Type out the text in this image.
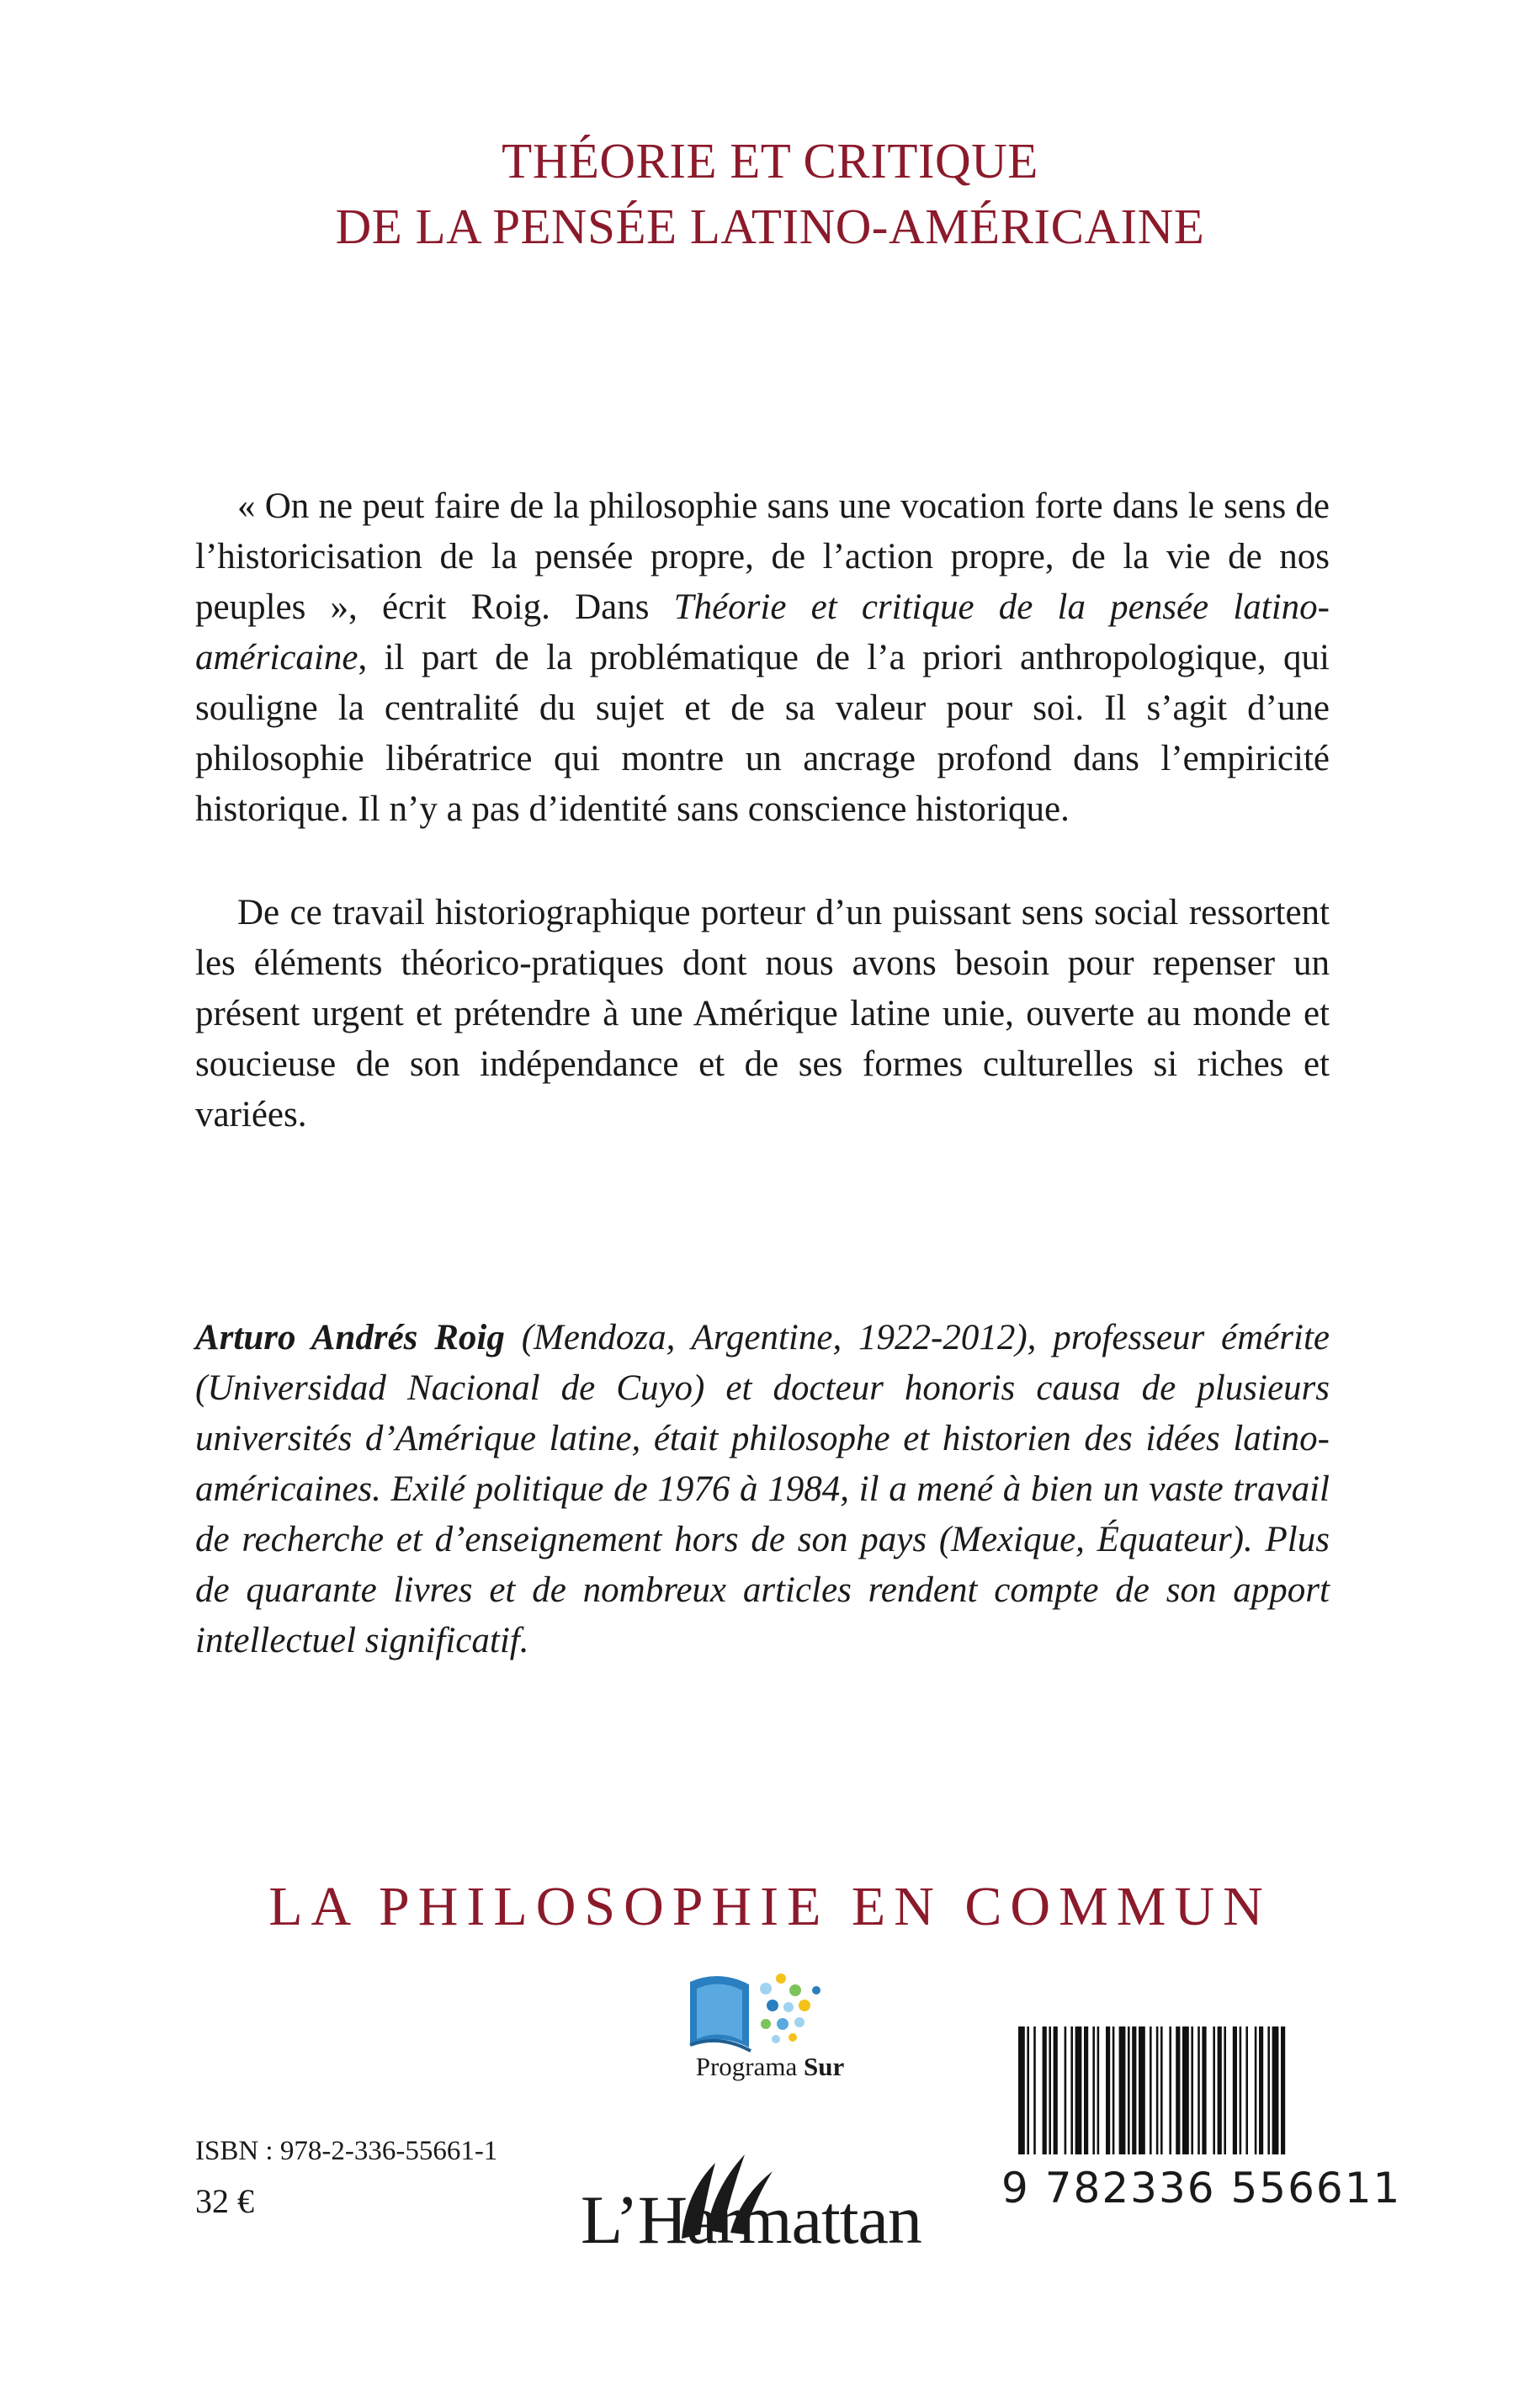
THÉORIE ET CRITIQUE
DE LA PENSÉE LATINO-AMÉRICAINE

« On ne peut faire de la philosophie sans une vocation forte dans le sens de l’historicisation de la pensée propre, de l’action propre, de la vie de nos peuples », écrit Roig. Dans Théorie et critique de la pensée latino-américaine, il part de la problématique de l’a priori anthropologique, qui souligne la centralité du sujet et de sa valeur pour soi. Il s’agit d’une philosophie libératrice qui montre un ancrage profond dans l’empiricité historique. Il n’y a pas d’identité sans conscience historique.

De ce travail historiographique porteur d’un puissant sens social ressortent les éléments théorico-pratiques dont nous avons besoin pour repenser un présent urgent et prétendre à une Amérique latine unie, ouverte au monde et soucieuse de son indépendance et de ses formes culturelles si riches et variées.

Arturo Andrés Roig (Mendoza, Argentine, 1922-2012), professeur émérite (Universidad Nacional de Cuyo) et docteur honoris causa de plusieurs universités d’Amérique latine, était philosophe et historien des idées latino-américaines. Exilé politique de 1976 à 1984, il a mené à bien un vaste travail de recherche et d’enseignement hors de son pays (Mexique, Équateur). Plus de quarante livres et de nombreux articles rendent compte de son apport intellectuel significatif.
LA PHILOSOPHIE EN COMMUN
Programa Sur
ISBN : 978-2-336-55661-1
32 €	L’Harmattan 9 782336 556611
